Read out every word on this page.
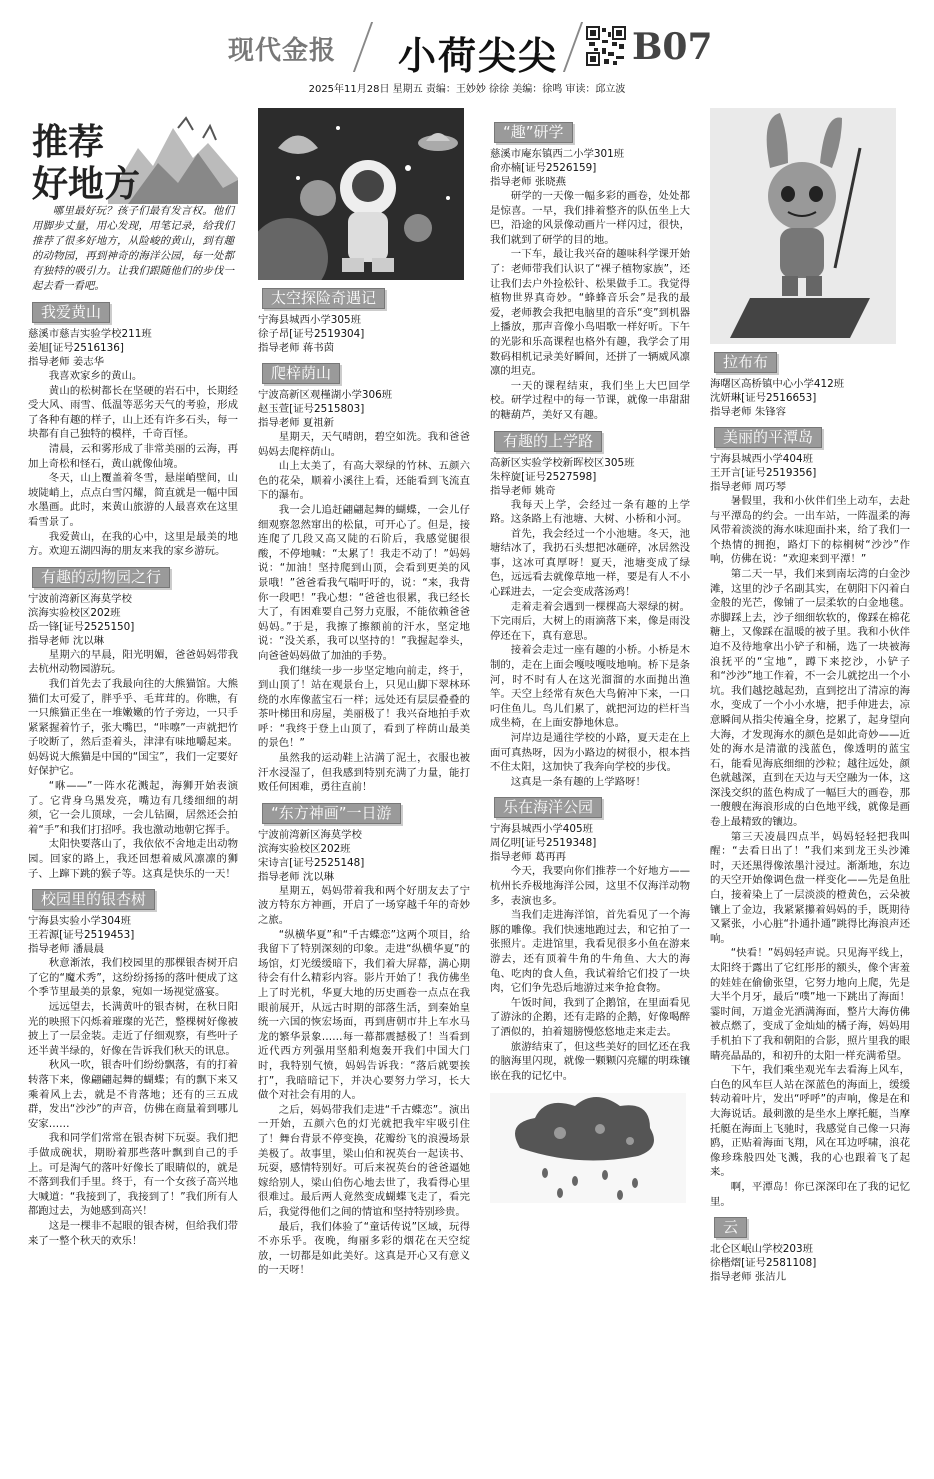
现代金报 小荷尖尖 B07
2025年11月28日 星期五 责编：王妙妙 徐徐 美编：徐鸣 审读：邱立波
推荐
好地方

哪里最好玩？孩子们最有发言权。他们用脚步丈量，用心发现，用笔记录，给我们推荐了很多好地方，从险峻的黄山，到有趣的动物园，再到神奇的海洋公园，每一处都有独特的吸引力。让我们跟随他们的步伐一起去看一看吧。

我爱黄山

慈溪市慈吉实验学校211班

姜旭[证号2516136]

指导老师 姜志华

我喜欢家乡的黄山。

黄山的松树都长在坚硬的岩石中，长期经受大风、雨雪、低温等恶劣天气的考验，形成了各种有趣的样子，山上还有许多石头，每一块都有自己独特的模样，千奇百怪。

清晨，云和雾形成了非常美丽的云海，再加上奇松和怪石，黄山就像仙境。

冬天，山上覆盖着冬雪，悬崖峭壁间，山坡陡峭上，点点白雪闪耀，简直就是一幅中国水墨画。此时，来黄山旅游的人最喜欢在这里看雪景了。

我爱黄山，在我的心中，这里是最美的地方。欢迎五湖四海的朋友来我的家乡游玩。

有趣的动物园之行

宁波前湾新区海莫学校

滨海实验校区202班

岳一锋[证号2525150]

指导老师 沈以琳

星期六的早晨，阳光明媚，爸爸妈妈带我去杭州动物园游玩。

我们首先去了我最向往的大熊猫馆。大熊猫们太可爱了，胖乎乎、毛茸茸的。你瞧，有一只熊猫正坐在一堆嫩嫩的竹子旁边，一只手紧紧握着竹子，张大嘴巴，“咔嚓”一声就把竹子咬断了，然后歪着头，津津有味地嚼起来。妈妈说大熊猫是中国的“国宝”，我们一定要好好保护它。

“咻——”一阵水花溅起，海狮开始表演了。它背身乌黑发亮，嘴边有几缕细细的胡须，它一会儿顶球，一会儿钻圈，居然还会拍着“手”和我们打招呼。我也激动地朝它挥手。

太阳快要落山了，我依依不舍地走出动物园。回家的路上，我还回想着威风凛凛的狮子、上蹿下跳的猴子等。这真是快乐的一天！

校园里的银杏树

宁海县实验小学304班

王若源[证号2519453]

指导老师 潘晨晨

秋意渐浓，我们校园里的那棵银杏树开启了它的“魔术秀”，这纷纷扬扬的落叶便成了这个季节里最美的景象，宛如一场视觉盛宴。

远远望去，长满黄叶的银杏树，在秋日阳光的映照下闪烁着璀璨的光芒，整棵树好像被披上了一层金装。走近了仔细观察，有些叶子还半黄半绿的，好像在告诉我们秋天的讯息。

秋风一吹，银杏叶们纷纷飘落，有的打着转落下来，像翩翩起舞的蝴蝶；有的飘下来又乘着风上去，就是不肯落地；还有的三五成群，发出“沙沙”的声音，仿佛在商量着到哪儿安家……

我和同学们常常在银杏树下玩耍。我们把手做成碗状，期盼着那些落叶飘到自己的手上。可是淘气的落叶好像长了眼睛似的，就是不落到我们手里。终于，有一个女孩子高兴地大喊道：“我接到了，我接到了！”我们所有人都跑过去，为她感到高兴！

这是一棵非不起眼的银杏树，但给我们带来了一整个秋天的欢乐！

太空探险奇遇记

宁海县城西小学305班

徐子昂[证号2519304]

指导老师 蒋书茵

爬梓荫山

宁波高新区观槿湖小学306班

赵玉萱[证号2515803]

指导老师 夏祖新

星期天，天气晴朗，碧空如洗。我和爸爸妈妈去爬梓荫山。

山上太美了，有高大翠绿的竹林、五颜六色的花朵，顺着小溪往上看，还能看到飞流直下的瀑布。

我一会儿追赶翩翩起舞的蝴蝶，一会儿仔细观察忽然窜出的松鼠，可开心了。但是，接连爬了几段又高又陡的石阶后，我感觉腿很酸，不停地喊：“太累了！我走不动了！”妈妈说：“加油！坚持爬到山顶，会看到更美的风景哦！”爸爸看我气喘吁吁的，说：“来，我背你一段吧！”我心想：“爸爸也很累，我已经长大了，有困难要自己努力克服，不能依赖爸爸妈妈。”于是，我擦了擦额前的汗水，坚定地说：“没关系，我可以坚持的！”我握起拳头，向爸爸妈妈做了加油的手势。

我们继续一步一步坚定地向前走，终于，到山顶了！站在观景台上，只见山脚下翠林环绕的水库像蓝宝石一样；远处还有层层叠叠的茶叶梯田和房屋，美丽极了！我兴奋地拍手欢呼：“我终于登上山顶了，看到了梓荫山最美的景色！”

虽然我的运动鞋上沾满了泥土，衣服也被汗水浸湿了，但我感到特别充满了力量，能打败任何困难，勇往直前！

“东方神画”一日游

宁波前湾新区海莫学校

滨海实验校区202班

宋诗言[证号2525148]

指导老师 沈以琳

星期五，妈妈带着我和两个好朋友去了宁波方特东方神画，开启了一场穿越千年的奇妙之旅。

“纵横华夏”和“千古蝶恋”这两个项目，给我留下了特别深刻的印象。走进“纵横华夏”的场馆，灯光缓缓暗下，我们着大屏幕，满心期待会有什么精彩内容。影片开始了！我仿佛坐上了时光机，华夏大地的历史画卷一点点在我眼前展开，从远古时期的部落生活，到秦始皇统一六国的恢宏场面，再到唐朝市井上车水马龙的繁华景象……每一幕都震撼极了！当看到近代西方列强用坚船利炮轰开我们中国大门时，我特别气愤，妈妈告诉我：“落后就要挨打”，我暗暗记下，并决心要努力学习，长大做个对社会有用的人。

之后，妈妈带我们走进“千古蝶恋”。演出一开始，五颜六色的灯光就把我牢牢吸引住了！舞台背景不停变换，花瓣纷飞的浪漫场景美极了。故事里，梁山伯和祝英台一起读书、玩耍，感情特别好。可后来祝英台的爸爸逼她嫁给别人，梁山伯伤心地去世了，我看得心里很难过。最后两人竟然变成蝴蝶飞走了，看完后，我觉得他们之间的情谊和坚持特别珍贵。

最后，我们体验了“童话传说”区域，玩得不亦乐乎。夜晚，绚丽多彩的烟花在天空绽放，一切都是如此美好。这真是开心又有意义的一天呀！

“趣”研学

慈溪市庵东镇西二小学301班

俞亦楠[证号2526159]

指导老师 张晓燕

研学的一天像一幅多彩的画卷，处处都是惊喜。一早，我们排着整齐的队伍坐上大巴，沿途的风景像动画片一样闪过，很快，我们就到了研学的目的地。

一下车，最让我兴奋的趣味科学课开始了：老师带我们认识了“裸子植物家族”，还让我们去户外捡松针、松果做手工。我觉得植物世界真奇妙。“蜂蜂音乐会”是我的最爱，老师教会我把电脑里的音乐“变”到机器上播放，那声音像小鸟唱歌一样好听。下午的光影和乐高课程也格外有趣，我学会了用数码相机记录美好瞬间，还拼了一辆威风凛凛的坦克。

一天的课程结束，我们坐上大巴回学校。研学过程中的每一节课，就像一串甜甜的糖葫芦，美好又有趣。

有趣的上学路

高新区实验学校新晖校区305班

朱梓旋[证号2527598]

指导老师 姚奇

我每天上学，会经过一条有趣的上学路。这条路上有池塘、大树、小桥和小河。

首先，我会经过一个小池塘。冬天，池塘结冰了，我扔石头想把冰砸碎，冰居然没事，这冰可真厚呀！夏天，池塘变成了绿色，远远看去就像草地一样，要是有人不小心踩进去，一定会变成落汤鸡！

走着走着会遇到一棵棵高大翠绿的树。下完雨后，大树上的雨滴落下来，像是雨没停还在下，真有意思。

接着会走过一座有趣的小桥。小桥是木制的，走在上面会嘎吱嘎吱地响。桥下是条河，时不时有人在这光溜溜的水面抛出渔竿。天空上经常有灰色大鸟俯冲下来，一口叼住鱼儿。鸟儿们累了，就把河边的栏杆当成坐椅，在上面安静地休息。

河岸边是通往学校的小路，夏天走在上面可真热呀，因为小路边的树很小，根本挡不住太阳，这加快了我奔向学校的步伐。

这真是一条有趣的上学路呀！

乐在海洋公园

宁海县城西小学405班

周亿明[证号2519348]

指导老师 葛再再

今天，我要向你们推荐一个好地方——杭州长乔极地海洋公园，这里不仅海洋动物多，表演也多。

当我们走进海洋馆，首先看见了一个海豚的雕像。我们快速地跑过去，和它拍了一张照片。走进馆里，我看见很多小鱼在游来游去，还有顶着牛角的牛角鱼、大大的海龟、吃肉的食人鱼，我试着给它们投了一块肉，它们争先恐后地游过来争抢食物。

午饭时间，我到了企鹅馆，在里面看见了游泳的企鹅，还有走路的企鹅，好像喝醉了酒似的，拍着翅膀慢悠悠地走来走去。

旅游结束了，但这些美好的回忆还在我的脑海里闪现，就像一颗颗闪亮耀的明珠镶嵌在我的记忆中。

拉布布

海曙区高桥镇中心小学412班

沈妍琳[证号2516653]

指导老师 朱锋容

美丽的平潭岛

宁海县城西小学404班

王开言[证号2519356]

指导老师 周巧琴

暑假里，我和小伙伴们坐上动车，去赴与平潭岛的约会。一出车站，一阵温柔的海风带着淡淡的海水味迎面扑来，给了我们一个热情的拥抱，路灯下的棕榈树“沙沙”作响，仿佛在说：“欢迎来到平潭！”

第二天一早，我们来到南坛湾的白金沙滩，这里的沙子名副其实，在朝阳下闪着白金般的光芒，像铺了一层柔软的白金地毯。赤脚踩上去，沙子细细软软的，像踩在棉花糖上，又像踩在温暖的被子里。我和小伙伴迫不及待地拿出小铲子和桶，选了一块被海浪抚平的“宝地”，蹲下来挖沙，小铲子和“沙沙”地工作着，不一会儿就挖出一个小坑。我们越挖越起劲，直到挖出了清凉的海水，变成了一个小小水塘，把手伸进去，凉意瞬间从指尖传遍全身，挖累了，起身望向大海，才发现海水的颜色是如此奇妙——近处的海水是清澈的浅蓝色，像透明的蓝宝石，能看见海底细细的沙粒；越往远处，颜色就越深，直到在天边与天空融为一体，这深浅交织的蓝色构成了一幅巨大的画卷，那一艘艘在海浪形成的白色地平线，就像是画卷上最精致的镶边。

第三天凌晨四点半，妈妈轻轻把我叫醒：“去看日出了！”我们来到龙王头沙滩时，天还黑得像浓墨汁浸过。渐渐地，东边的天空开始像调色盘一样变化——先是鱼肚白，接着染上了一层淡淡的橙黄色，云朵被镶上了金边，我紧紧攥着妈妈的手，既期待又紧张，小心脏“扑通扑通”跳得比海浪声还响。

“快看！”妈妈轻声说。只见海平线上，太阳终于露出了它红彤彤的额头，像个害羞的娃娃在偷偷张望，它努力地向上爬，先是大半个月牙，最后“噗”地一下跳出了海面！霎时间，万道金光洒满海面，整片大海仿佛被点燃了，变成了金灿灿的橘子海，妈妈用手机拍下了我和朝阳的合影，照片里我的眼睛亮晶晶的，和初升的太阳一样充满希望。

下午，我们乘坐观光车去看海上风车，白色的风车巨人站在深蓝色的海面上，缓缓转动着叶片，发出“呼呼”的声响，像是在和大海说话。最刺激的是坐水上摩托艇，当摩托艇在海面上飞驰时，我感觉自己像一只海鸥，正贴着海面飞翔，风在耳边呼啸，浪花像珍珠般四处飞溅，我的心也跟着飞了起来。

啊，平潭岛！你已深深印在了我的记忆里。

云

北仑区岷山学校203班

徐楷熠[证号2581108]

指导老师 张洁儿
